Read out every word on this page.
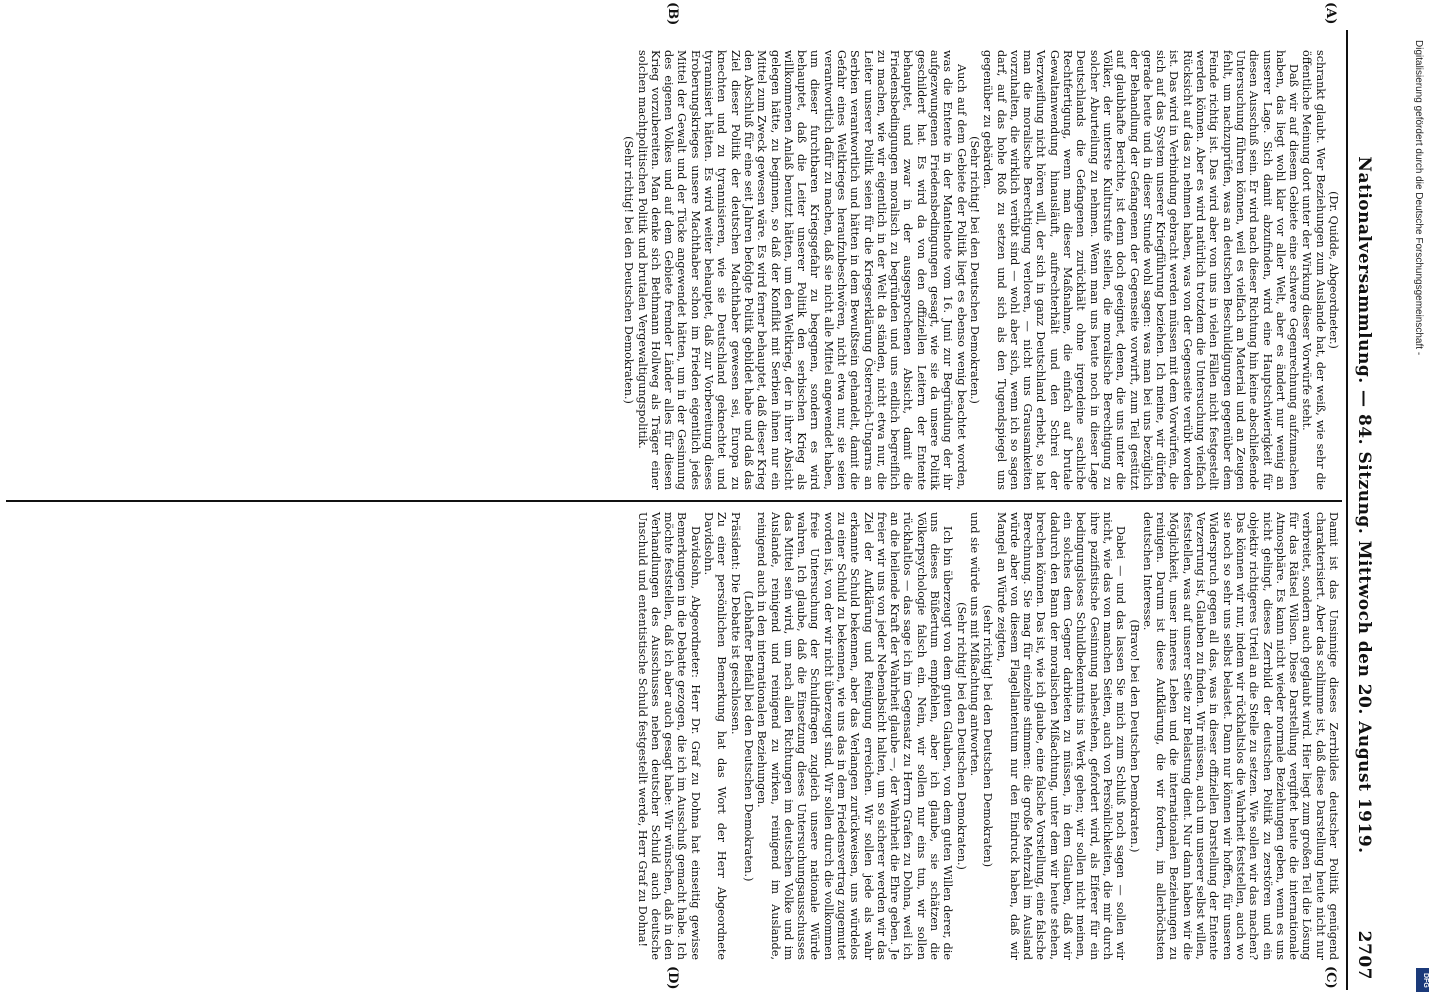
Nationalversammlung. — 84. Sitzung. Mittwoch den 20. August 1919.
2707
(A)
(B)
(C)
(D)

(Dr. Quidde, Abgeordneter.)

schrankt glaubt. Wer Beziehungen zum Auslande hat, der weiß, wie sehr die öffentliche Meinung dort unter der Wirkung dieser Vorwürfe steht.

Daß wir auf diesem Gebiete eine schwere Gegenrechnung aufzumachen haben, das liegt wohl klar vor aller Welt, aber es ändert nur wenig an unserer Lage. Sich damit abzufinden, wird eine Hauptschwierigkeit für diesen Ausschuß sein. Er wird nach dieser Richtung hin keine abschließende Untersuchung führen können, weil es vielfach an Material und an Zeugen fehlt, um nachzuprüfen, was an deutschen Beschuldigungen gegenüber dem Feinde richtig ist. Das wird aber von uns in vielen Fällen nicht festgestellt werden können. Aber es wird natürlich trotzdem die Untersuchung vielfach Rücksicht auf das zu nehmen haben, was von der Gegenseite verübt worden ist. Das wird in Verbindung gebracht werden müssen mit dem Vorwürfen, die sich auf das System unserer Kriegführung beziehen. Ich meine, wir dürfen gerade heute und in dieser Stunde wohl sagen: was man bei uns bezüglich der Behandlung der Gefangenen der Gegenseite vorwirft, zum Teil gestützt auf glaubhafte Berichte, ist denn doch geeignet, denen, die uns unter die Völker, der unterste Kulturstufe stellen, die moralische Berechtigung zu solcher Aburteilung zu nehmen. Wenn man uns heute noch in dieser Lage Deutschlands die Gefangenen zurückhält ohne irgendeine sachliche Rechtfertigung, wenn man dieser Maßnahme, die einfach auf brutale Gewaltanwendung hinausläuft, aufrechterhält und den Schrei der Verzweiflung nicht hören will, der sich in ganz Deutschland erhebt, so hat man die moralische Berechtigung verloren, — nicht uns Grausamkeiten vorzuhalten, die wirklich verübt sind — wohl aber sich, wenn ich so sagen darf, auf das hohe Roß zu setzen und sich als den Tugendspiegel uns gegenüber zu gebärden.

(Sehr richtig! bei den Deutschen Demokraten.)

Auch auf dem Gebiete der Politik liegt es ebenso wenig beachtet worden, was die Entente in der Mantelnote vom 16. Juni zur Begründung der ihr aufgezwungenen Friedensbedingungen gesagt, wie sie da unsere Politik geschildert hat. Es wird da von den offiziellen Leitern der Entente behauptet, und zwar in der ausgesprochenen Absicht, damit die Friedensbedingungen moralisch zu begründen und uns endlich begreiflich zu machen, wie wir eigentlich in der Welt da ständen, nicht etwa nur, die Leiter unserer Politik seien für die Kriegserklärung Österreich-Ungarns an Serbien verantwortlich und hätten in dem Bewußtsein gehandelt, damit die Gefahr eines Weltkrieges heraufzubeschwören, nicht etwa nur, sie seien verantwortlich dafür zu machen, daß sie nicht alle Mittel angewendet haben, um dieser furchtbaren Kriegsgefahr zu begegnen, sondern es wird behauptet, daß die Leiter unserer Politik den serbischen Krieg als willkommenen Anlaß benutzt hätten, um den Weltkrieg, der in ihrer Absicht gelegen hätte, zu beginnen, so daß der Konflikt mit Serbien ihnen nur ein Mittel zum Zweck gewesen wäre. Es wird ferner behauptet, daß dieser Krieg den Abschluß für eine seit Jahren befolgte Politik gebildet habe und daß das Ziel dieser Politik der deutschen Machthaber gewesen sei, Europa zu knechten und zu tyrannisieren, wie sie Deutschland geknechtet und tyrannisiert hätten. Es wird weiter behauptet, daß zur Vorbereitung dieses Eroberungskrieges unsere Machthaber schon im Frieden eigentlich jedes Mittel der Gewalt und der Tücke angewendet hätten, um in der Gesinnung des eigenen Volkes und auf dem Gebiete fremder Länder alles für diesen Krieg vorzubereiten. Man denke sich Bethmann Hollweg als Träger einer solchen machtpolitischen Politik und brutalen Vergewaltigungspolitik.

(Sehr richtig! bei den Deutschen Demokraten.)

Damit ist das Unsinnige dieses Zerrbildes deutscher Politik genügend charakterisiert. Aber das schlimme ist, daß diese Darstellung heute nicht nur verbreitet, sondern auch geglaubt wird. Hier liegt zum großen Teil die Lösung für das Rätsel Wilson. Diese Darstellung vergiftet heute die internationale Atmosphäre. Es kann nicht wieder normale Beziehungen geben, wenn es uns nicht gelingt, dieses Zerrbild der deutschen Politik zu zerstören und ein objektiv richtigeres Urteil an die Stelle zu setzen. Wie sollen wir das machen? Das können wir nur, indem wir rückhaltslos die Wahrheit feststellen, auch wo sie noch so sehr uns selbst belastet. Dann nur können wir hoffen, für unseren Widerspruch gegen all das, was in dieser offiziellen Darstellung der Entente Verzerrung ist, Glauben zu finden. Wir müssen, auch um unserer selbst willen, feststellen, was auf unserer Seite zur Belastung dient. Nur dann haben wir die Möglichkeit, unser inneres Leben und die internationalen Beziehungen zu reinigen. Darum ist diese Aufklärung, die wir fordern, im allerhöchsten deutschen Interesse.

(Bravo! bei den Deutschen Demokraten.)

Dabei — und das lassen Sie mich zum Schluß noch sagen — sollen wir nicht, wie das von manchen Seiten, auch von Persönlichkeiten, die mir durch ihre pazifistische Gesinnung nahestehen, gefordert wird, als Eiferer für ein bedingungsloses Schuldbekenntnis ins Werk gehen; wir sollen nicht meinen, ein solches dem Gegner darbieten zu müssen, in dem Glauben, daß wir dadurch den Bann der moralischen Mißachtung, unter dem wir heute stehen, brechen können. Das ist, wie ich glaube, eine falsche Vorstellung, eine falsche Berechnung. Sie mag für einzelne stimmen: die große Mehrzahl im Ausland würde aber von diesem Flagellantentum nur den Eindruck haben, daß wir Mangel an Würde zeigten,

(sehr richtig! bei den Deutschen Demokraten)

und sie würde uns mit Mißachtung antworten.

(Sehr richtig! bei den Deutschen Demokraten.)

Ich bin überzeugt von dem guten Glauben, von dem guten Willen derer, die uns dieses Büßertum empfehlen, aber ich glaube, sie schätzen die Völkerpsychologie falsch ein. Nein, wir sollen nur eins tun, wir sollen rückhaltlos — das sage ich im Gegensatz zu Herrn Grafen zu Dohna, weil ich an die heilende Kraft der Wahrheit glaube —, der Wahrheit die Ehre geben. Je freier wir uns von jeder Nebenabsicht halten, um so sicherer werden wir das Ziel der Aufklärung und Reinigung erreichen. Wir sollen jede als wahr erkannte Schuld bekennen, aber das Verlangen zurückweisen, uns würdelos zu einer Schuld zu bekennen, wie uns das in dem Friedensvertrag zugemutet worden ist, von der wir nicht überzeugt sind. Wir sollen durch die vollkommen freie Untersuchung der Schuldfragen zugleich unsere nationale Würde wahren. Ich glaube, daß die Einsetzung dieses Untersuchungsausschusses das Mittel sein wird, um nach allen Richtungen im deutschen Volke und im Auslande, reinigend und reinigend zu wirken, reinigend im Auslande, reinigend auch in den internationalen Beziehungen.

(Lebhafter Beifall bei den Deutschen Demokraten.)

Präsident: Die Debatte ist geschlossen.

Zu einer persönlichen Bemerkung hat das Wort der Herr Abgeordnete Davidsohn.

Davidsohn, Abgeordneter: Herr Dr. Graf zu Dohna hat einseitig gewisse Bemerkungen in die Debatte gezogen, die ich im Ausschuß gemacht habe. Ich möchte feststellen, daß ich aber auch gesagt habe: Wir wünschen, daß in den Verhandlungen des Ausschusses neben deutscher Schuld auch deutsche Unschuld und ententistische Schuld festgestellt werde, Herr Graf zu Dohna!

Digitalisierung gefördert durch die Deutsche Forschungsgemeinschaft -
DFG
